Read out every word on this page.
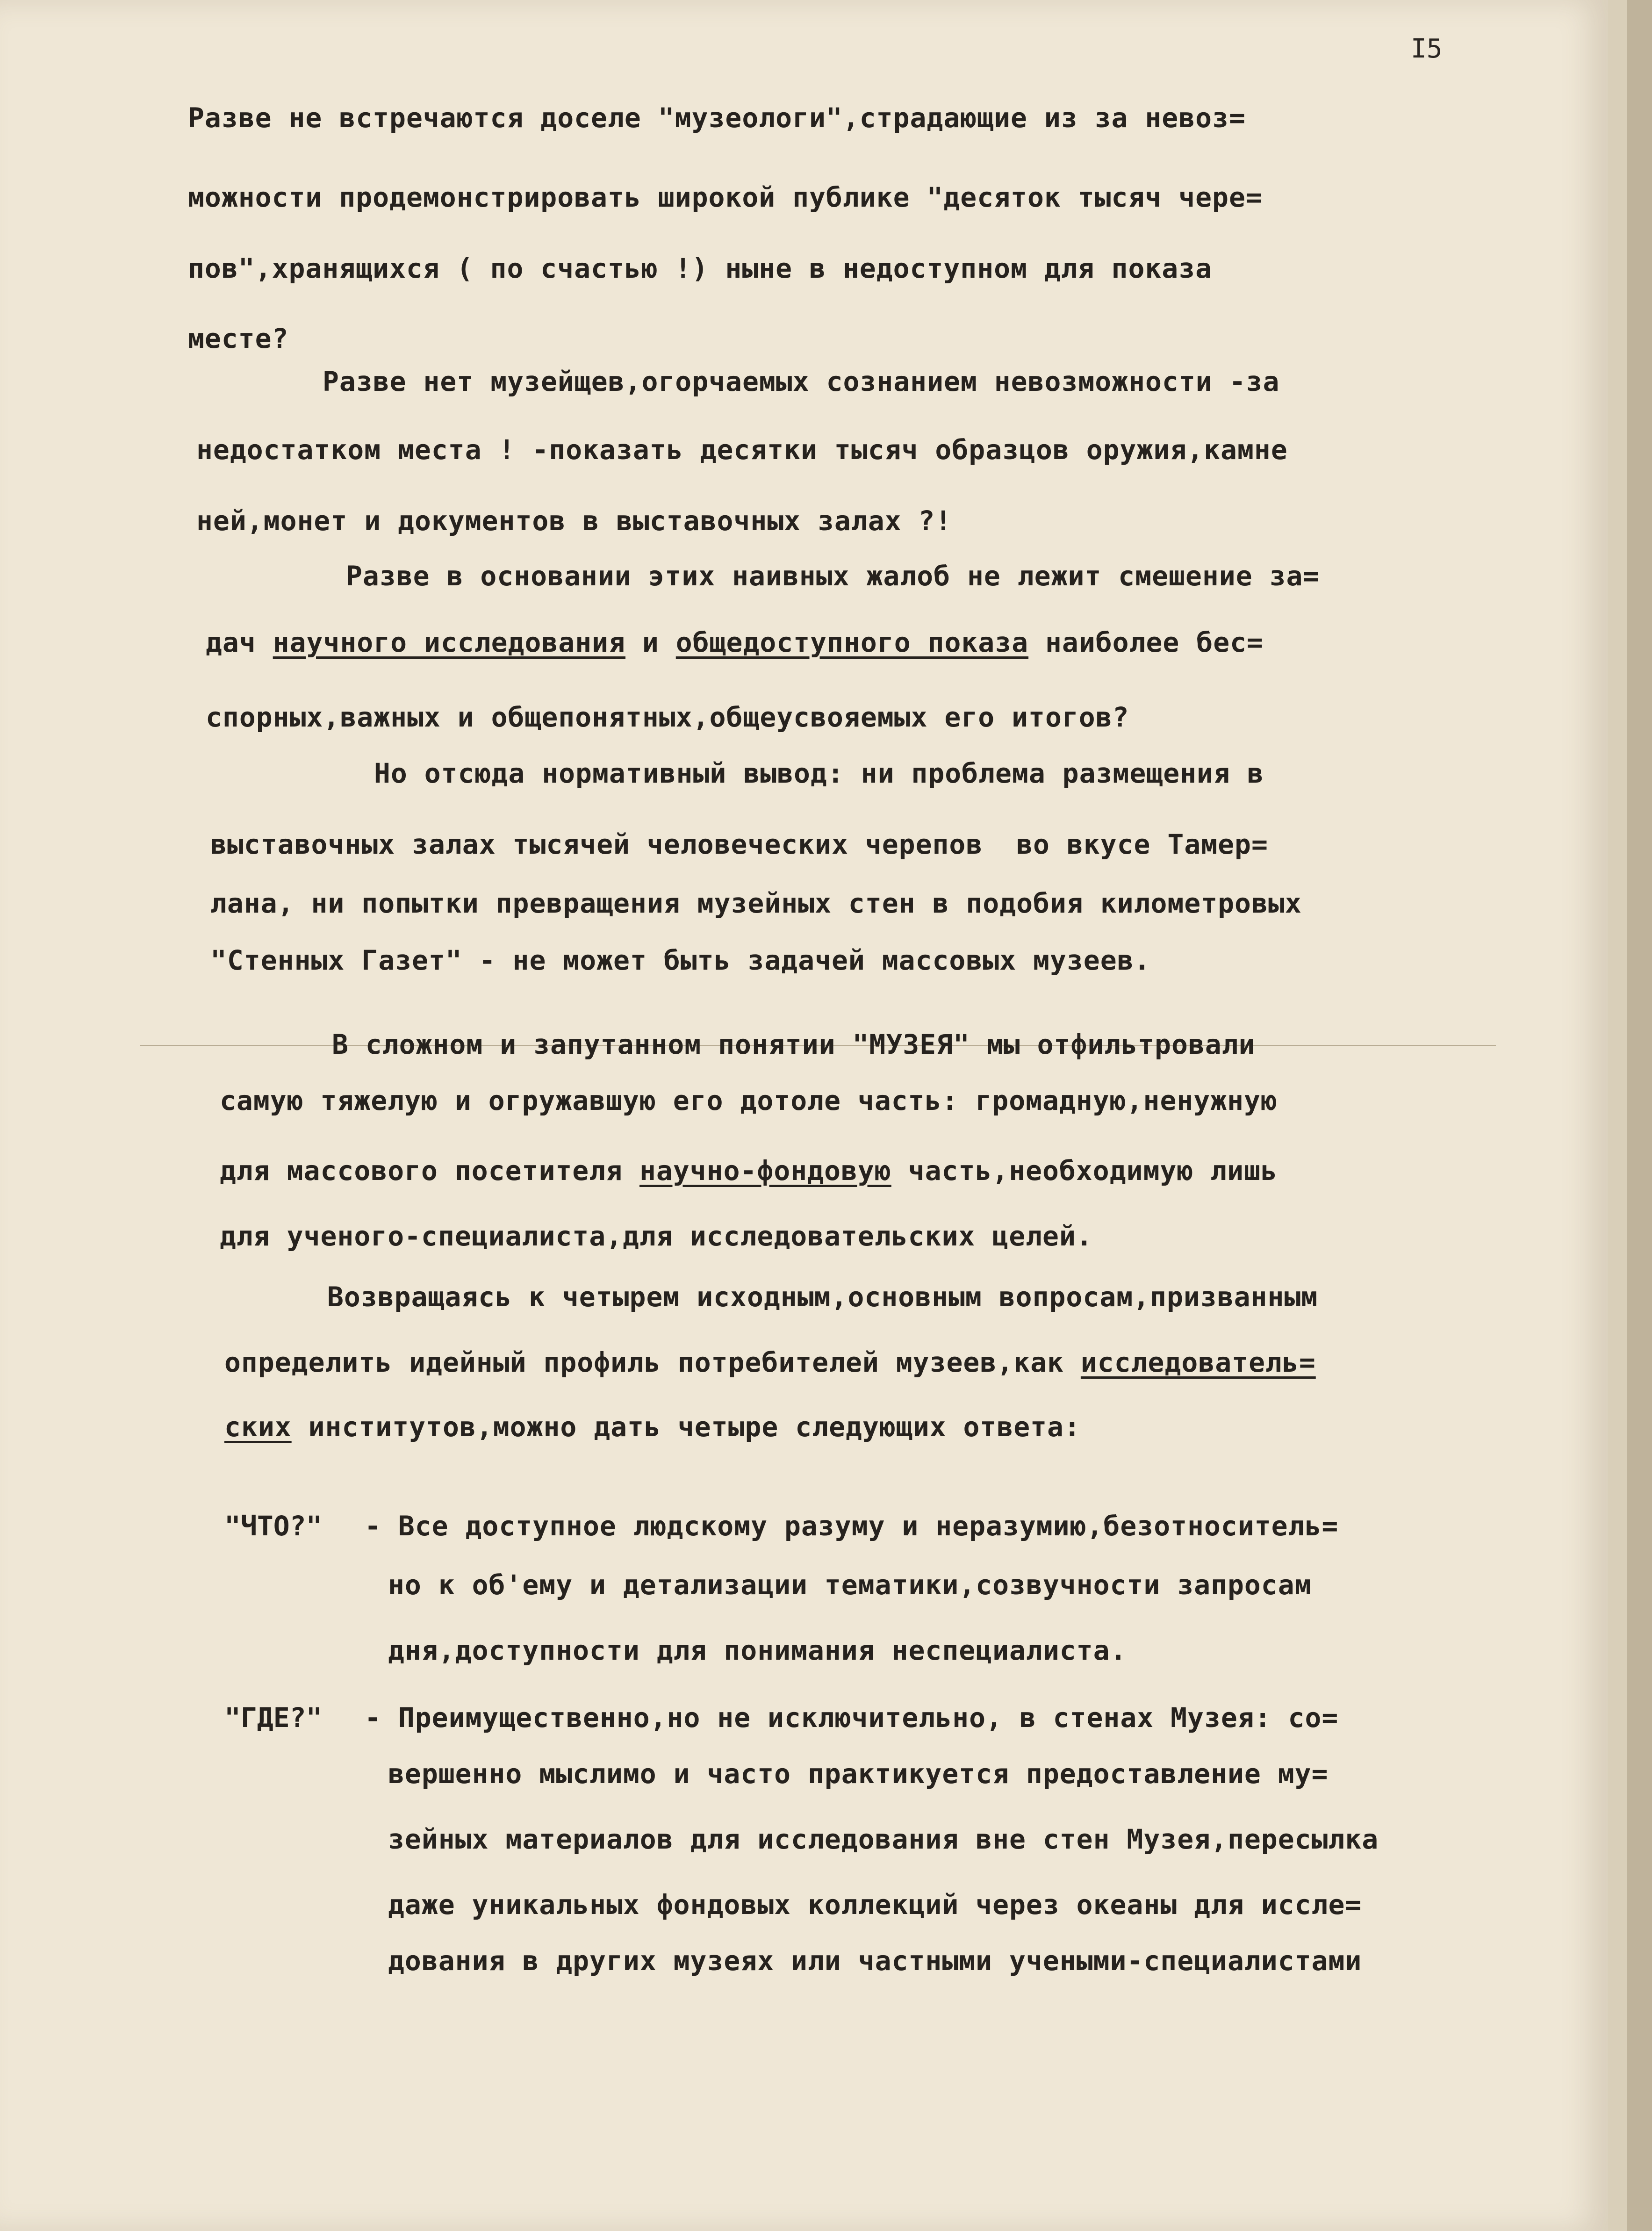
I5
Разве не встречаются доселе "музеологи",страдающие из за невоз=
можности продемонстрировать широкой публике "десяток тысяч чере=
пов",хранящихся ( по счастью !) ныне в недоступном для показа
месте?
Разве нет музейщев,огорчаемых сознанием невозможности -за
недостатком места ! -показать десятки тысяч образцов оружия,камне
ней,монет и документов в выставочных залах ?!
Разве в основании этих наивных жалоб не лежит смешение за=
дач научного исследования и общедоступного показа наиболее бес=
спорных,важных и общепонятных,общеусвояемых его итогов?
Но отсюда нормативный вывод: ни проблема размещения в
выставочных залах тысячей человеческих черепов  во вкусе Тамер=
лана, ни попытки превращения музейных стен в подобия километровых
"Стенных Газет" - не может быть задачей массовых музеев.
В сложном и запутанном понятии "МУЗЕЯ" мы отфильтровали
самую тяжелую и огружавшую его дотоле часть: громадную,ненужную
для массового посетителя научно-фондовую часть,необходимую лишь
для ученого-специалиста,для исследовательских целей.
Возвращаясь к четырем исходным,основным вопросам,призванным
определить идейный профиль потребителей музеев,как исследователь=
ских институтов,можно дать четыре следующих ответа:
"ЧТО?" - Все доступное людскому разуму и неразумию,безотноситель=
но к об'ему и детализации тематики,созвучности запросам
дня,доступности для понимания неспециалиста.
"ГДЕ?" - Преимущественно,но не исключительно, в стенах Музея: со=
вершенно мыслимо и часто практикуется предоставление му=
зейных материалов для исследования вне стен Музея,пересылка
даже уникальных фондовых коллекций через океаны для иссле=
дования в других музеях или частными учеными-специалистами
